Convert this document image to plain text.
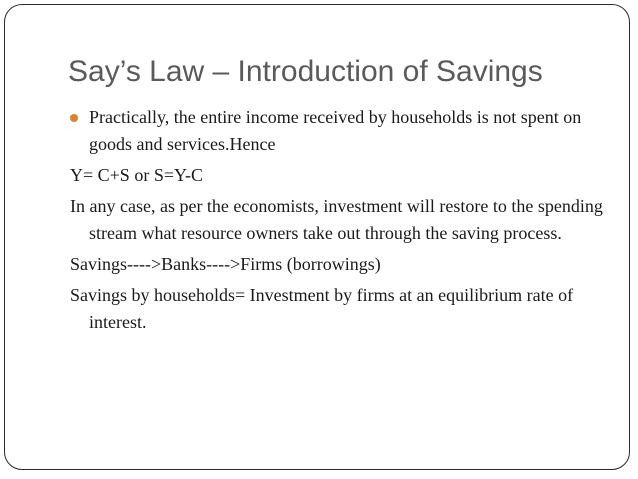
Say’s Law – Introduction of Savings

Practically, the entire income received by households is not spent on goods and services.Hence

Y= C+S or S=Y-C

In any case, as per the economists, investment will restore to the spending stream what resource owners take out through the saving process.

Savings---->Banks---->Firms (borrowings)

Savings by households= Investment by firms at an equilibrium rate of interest.
